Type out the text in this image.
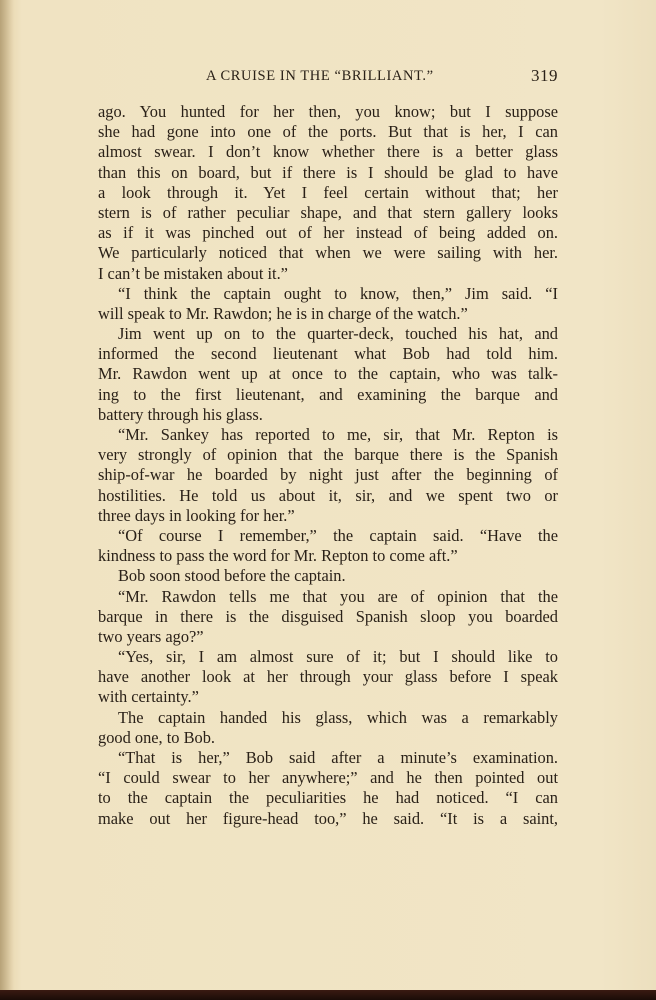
A CRUISE IN THE “BRILLIANT.”	319
ago. You hunted for her then, you know; but I suppose
she had gone into one of the ports. But that is her, I can
almost swear. I don’t know whether there is a better glass
than this on board, but if there is I should be glad to have
a look through it. Yet I feel certain without that; her
stern is of rather peculiar shape, and that stern gallery looks
as if it was pinched out of her instead of being added on.
We particularly noticed that when we were sailing with her.
I can’t be mistaken about it.”
“I think the captain ought to know, then,” Jim said. “I
will speak to Mr. Rawdon; he is in charge of the watch.”
Jim went up on to the quarter-deck, touched his hat, and
informed the second lieutenant what Bob had told him.
Mr. Rawdon went up at once to the captain, who was talk-
ing to the first lieutenant, and examining the barque and
battery through his glass.
“Mr. Sankey has reported to me, sir, that Mr. Repton is
very strongly of opinion that the barque there is the Spanish
ship-of-war he boarded by night just after the beginning of
hostilities. He told us about it, sir, and we spent two or
three days in looking for her.”
“Of course I remember,” the captain said. “Have the
kindness to pass the word for Mr. Repton to come aft.”
Bob soon stood before the captain.
“Mr. Rawdon tells me that you are of opinion that the
barque in there is the disguised Spanish sloop you boarded
two years ago?”
“Yes, sir, I am almost sure of it; but I should like to
have another look at her through your glass before I speak
with certainty.”
The captain handed his glass, which was a remarkably
good one, to Bob.
“That is her,” Bob said after a minute’s examination.
“I could swear to her anywhere;” and he then pointed out
to the captain the peculiarities he had noticed. “I can
make out her figure-head too,” he said. “It is a saint,
